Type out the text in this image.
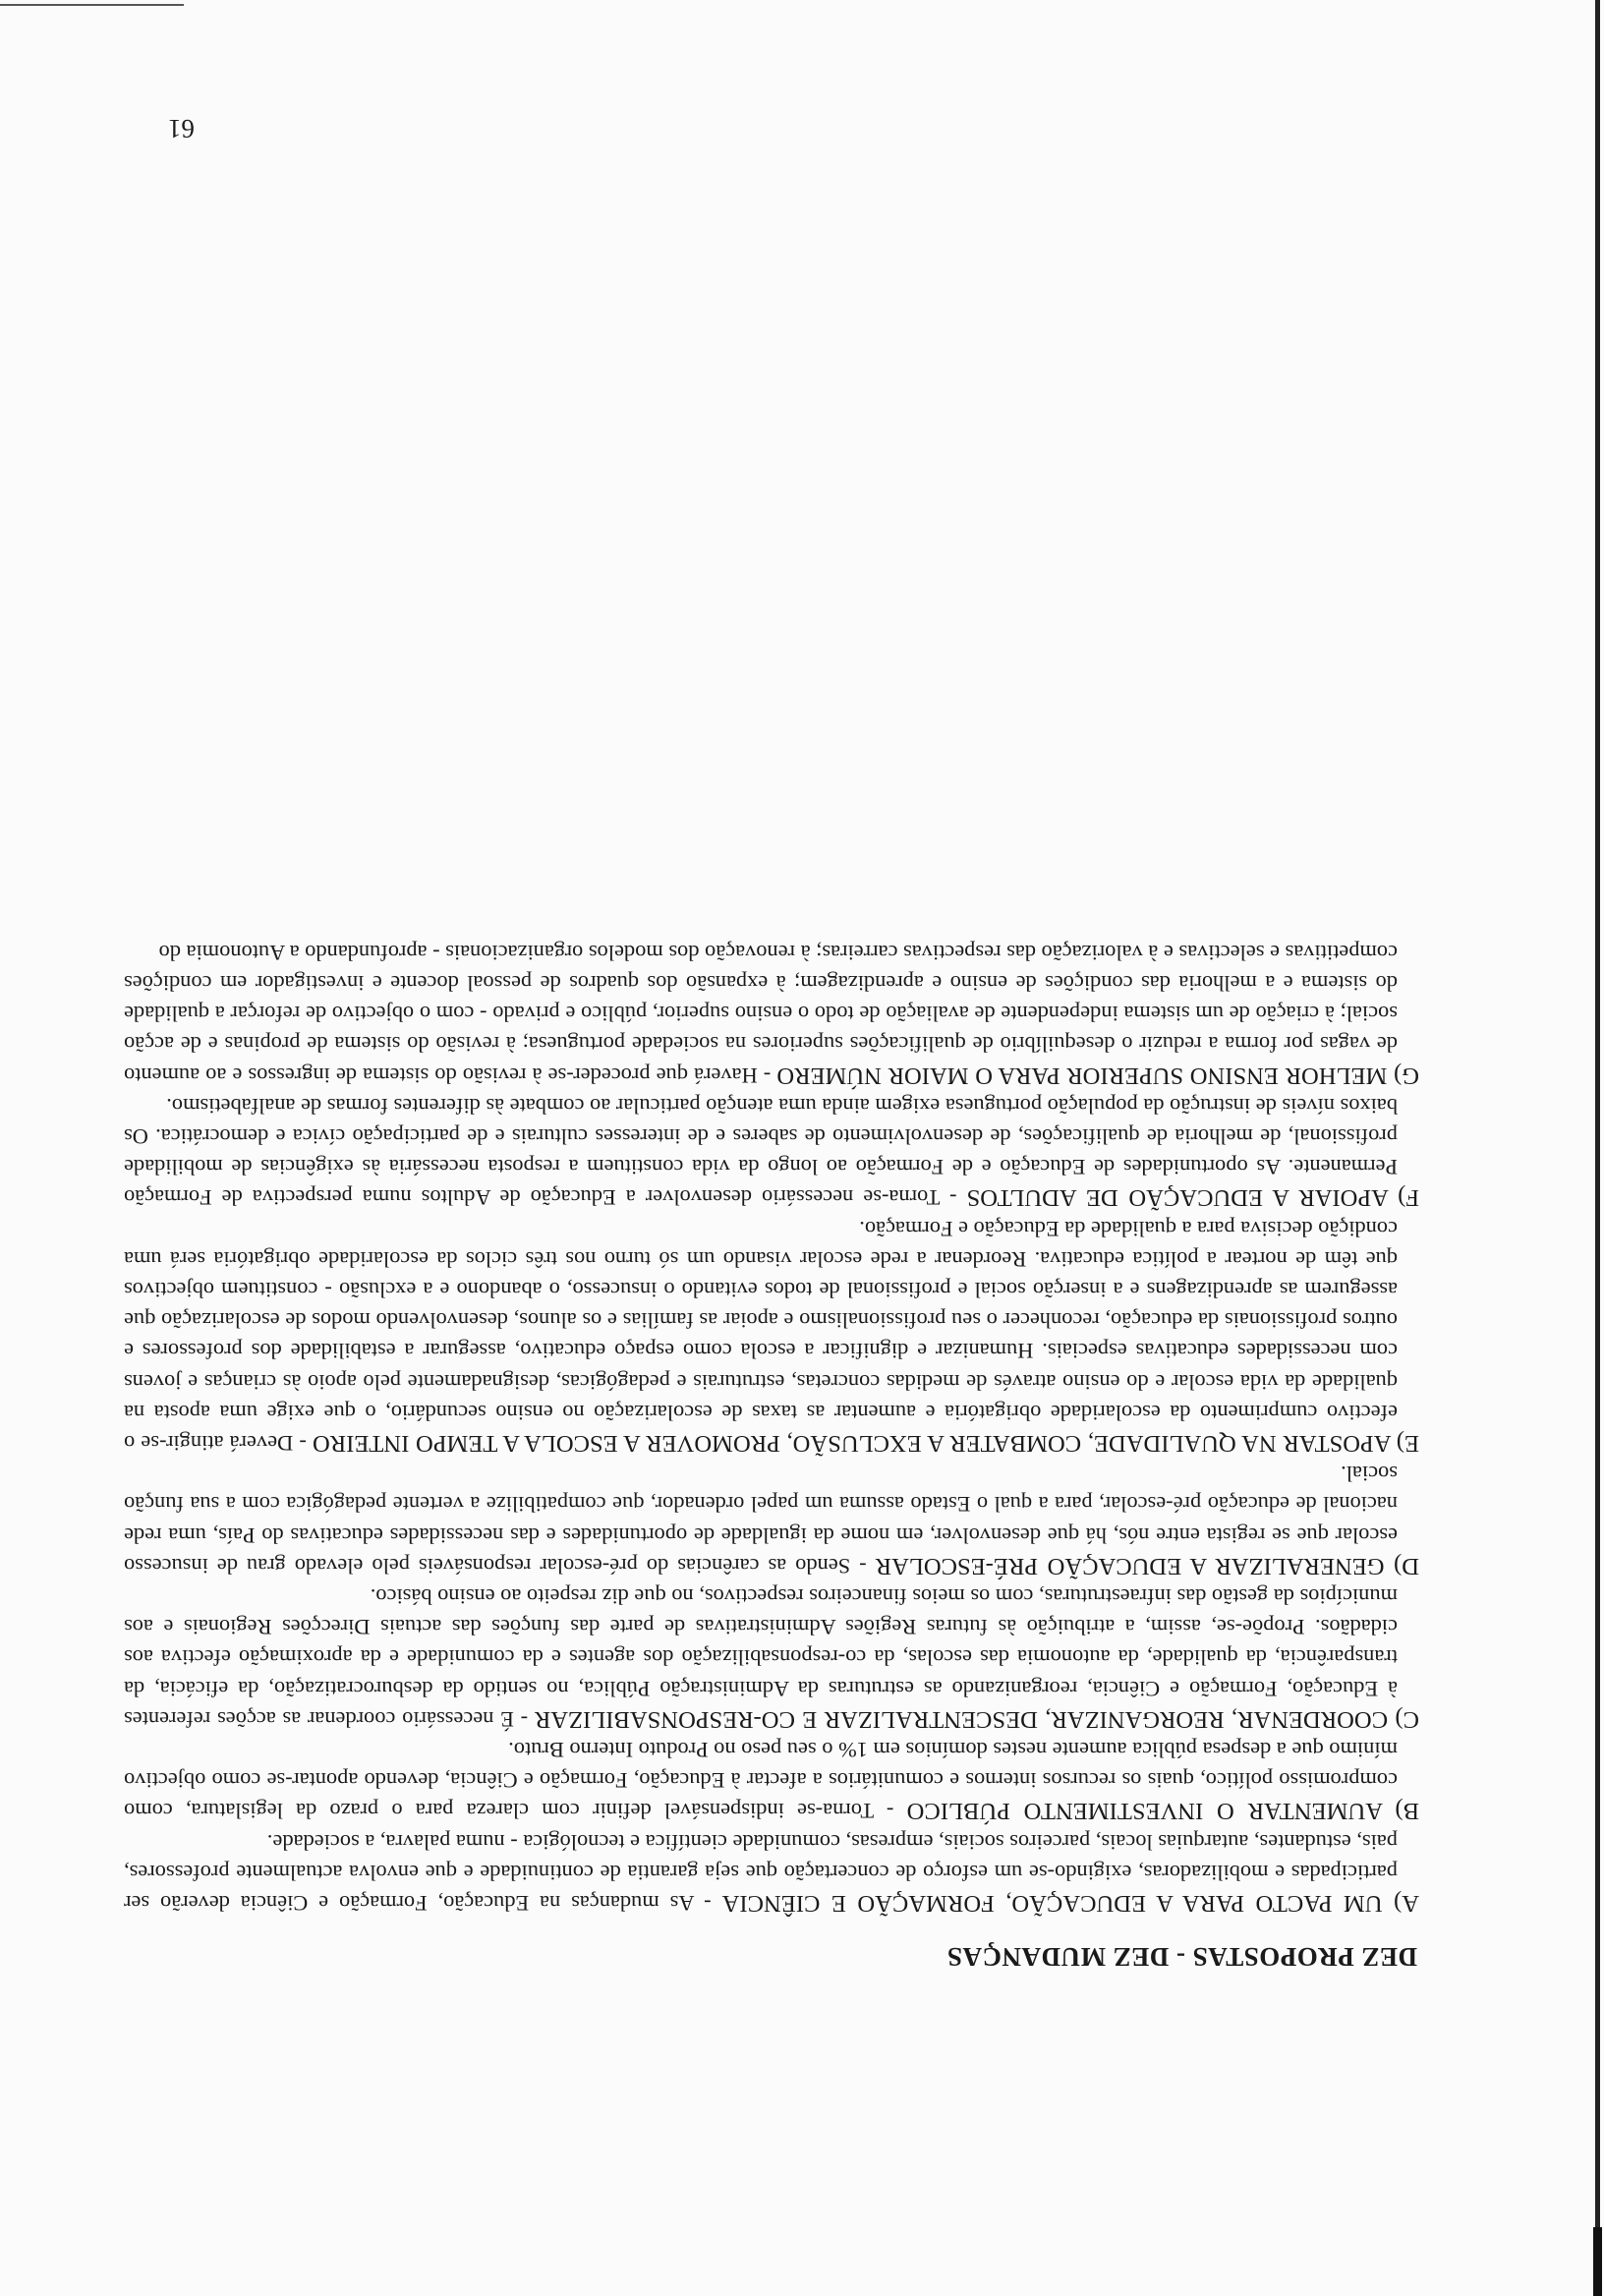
DEZ PROPOSTAS - DEZ MUDANÇAS

A) UM PACTO PARA A EDUCAÇÃO, FORMAÇÃO E CIÊNCIA - As mudanças na Educação, Formação e Ciência deverão ser participadas e mobilizadoras, exigindo-se um esforço de concertação que seja garantia de continuidade e que envolva actualmente professores, pais, estudantes, autarquias locais, parceiros sociais, empresas, comunidade científica e tecnológica - numa palavra, a sociedade.

B) AUMENTAR O INVESTIMENTO PÚBLICO - Torna-se indispensável definir com clareza para o prazo da legislatura, como compromisso político, quais os recursos internos e comunitários a afectar à Educação, Formação e Ciência, devendo apontar-se como objectivo mínimo que a despesa pública aumente nestes domínios em 1% o seu peso no Produto Interno Bruto.

C) COORDENAR, REORGANIZAR, DESCENTRALIZAR E CO-RESPONSABILIZAR - É necessário coordenar as acções referentes à Educação, Formação e Ciência, reorganizando as estruturas da Administração Pública, no sentido da desburocratização, da eficácia, da transparência, da qualidade, da autonomia das escolas, da co-responsabilização dos agentes e da comunidade e da aproximação efectiva aos cidadãos. Propõe-se, assim, a atribuição às futuras Regiões Administrativas de parte das funções das actuais Direcções Regionais e aos municípios da gestão das infraestruturas, com os meios financeiros respectivos, no que diz respeito ao ensino básico.

D) GENERALIZAR A EDUCAÇÃO PRÉ-ESCOLAR - Sendo as carências do pré-escolar responsáveis pelo elevado grau de insucesso escolar que se regista entre nós, há que desenvolver, em nome da igualdade de oportunidades e das necessidades educativas do País, uma rede nacional de educação pré-escolar, para a qual o Estado assuma um papel ordenador, que compatibilize a vertente pedagógica com a sua função social.

E) APOSTAR NA QUALIDADE, COMBATER A EXCLUSÃO, PROMOVER A ESCOLA A TEMPO INTEIRO - Deverá atingir-se o efectivo cumprimento da escolaridade obrigatória e aumentar as taxas de escolarização no ensino secundário, o que exige uma aposta na qualidade da vida escolar e do ensino através de medidas concretas, estruturais e pedagógicas, designadamente pelo apoio às crianças e jovens com necessidades educativas especiais. Humanizar e dignificar a escola como espaço educativo, assegurar a estabilidade dos professores e outros profissionais da educação, reconhecer o seu profissionalismo e apoiar as famílias e os alunos, desenvolvendo modos de escolarização que assegurem as aprendizagens e a inserção social e profissional de todos evitando o insucesso, o abandono e a exclusão - constituem objectivos que têm de nortear a política educativa. Reordenar a rede escolar visando um só turno nos três ciclos da escolaridade obrigatória será uma condição decisiva para a qualidade da Educação e Formação.

F) APOIAR A EDUCAÇÃO DE ADULTOS - Torna-se necessário desenvolver a Educação de Adultos numa perspectiva de Formação Permanente. As oportunidades de Educação e de Formação ao longo da vida constituem a resposta necessária às exigências de mobilidade profissional, de melhoria de qualificações, de desenvolvimento de saberes e de interesses culturais e de participação cívica e democrática. Os baixos níveis de instrução da população portuguesa exigem ainda uma atenção particular ao combate às diferentes formas de analfabetismo.

G) MELHOR ENSINO SUPERIOR PARA O MAIOR NÚMERO - Haverá que proceder-se à revisão do sistema de ingressos e ao aumento de vagas por forma a reduzir o desequilíbrio de qualificações superiores na sociedade portuguesa; à revisão do sistema de propinas e de acção social; à criação de um sistema independente de avaliação de todo o ensino superior, público e privado - com o objectivo de reforçar a qualidade do sistema e a melhoria das condições de ensino e aprendizagem; à expansão dos quadros de pessoal docente e investigador em condições competitivas e selectivas e à valorização das respectivas carreiras; à renovação dos modelos organizacionais - aprofundando a Autonomia do

61
